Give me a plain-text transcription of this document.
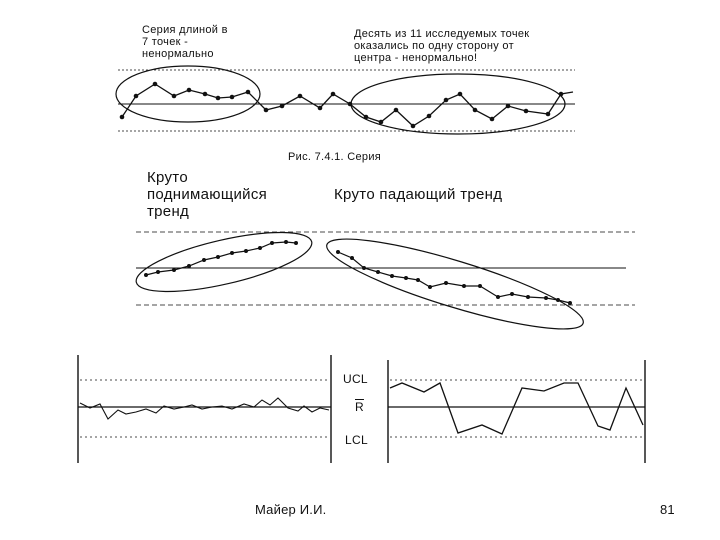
Серия длиной в
7 точек -
ненормально
Десять из 11 исследуемых точек
оказались по одну сторону от
центра - ненормально!
Рис. 7.4.1. Серия
Круто
поднимающийся
тренд
Круто падающий тренд
UCL
$\overline{R}$
LCL
Майер И.И.	81
